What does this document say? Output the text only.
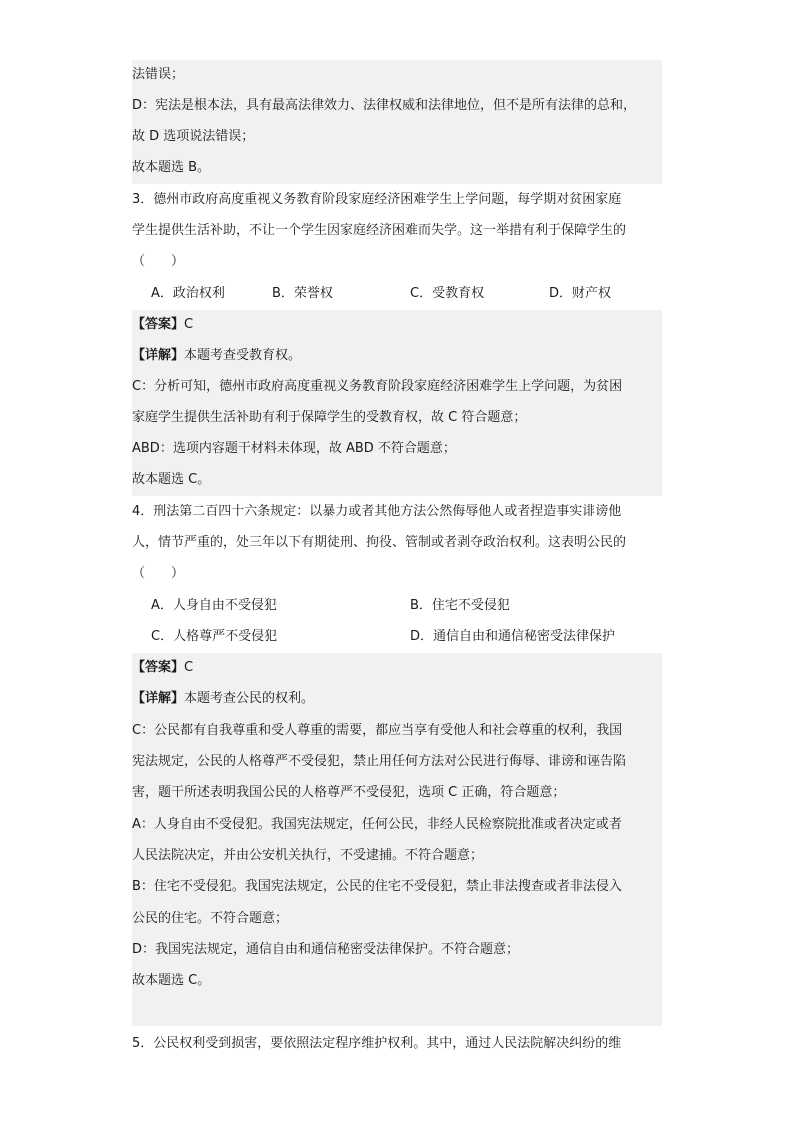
法错误；
D：宪法是根本法，具有最高法律效力、法律权威和法律地位，但不是所有法律的总和，
故 D 选项说法错误；
故本题选 B。
3．德州市政府高度重视义务教育阶段家庭经济困难学生上学问题，每学期对贫困家庭
学生提供生活补助，不让一个学生因家庭经济困难而失学。这一举措有利于保障学生的
（　　）
A．政治权利	B．荣誉权	C．受教育权	D．财产权
【答案】C
【详解】本题考查受教育权。
C：分析可知，德州市政府高度重视义务教育阶段家庭经济困难学生上学问题，为贫困
家庭学生提供生活补助有利于保障学生的受教育权，故 C 符合题意；
ABD：选项内容题干材料未体现，故 ABD 不符合题意；
故本题选 C。
4．刑法第二百四十六条规定：以暴力或者其他方法公然侮辱他人或者捏造事实诽谤他
人，情节严重的，处三年以下有期徒刑、拘役、管制或者剥夺政治权利。这表明公民的
（　　）
A．人身自由不受侵犯	B．住宅不受侵犯
C．人格尊严不受侵犯	D．通信自由和通信秘密受法律保护
【答案】C
【详解】本题考查公民的权利。
C：公民都有自我尊重和受人尊重的需要，都应当享有受他人和社会尊重的权利，我国
宪法规定，公民的人格尊严不受侵犯，禁止用任何方法对公民进行侮辱、诽谤和诬告陷
害，题干所述表明我国公民的人格尊严不受侵犯，选项 C 正确，符合题意；
A：人身自由不受侵犯。我国宪法规定，任何公民，非经人民检察院批准或者决定或者
人民法院决定，并由公安机关执行，不受逮捕。不符合题意；
B：住宅不受侵犯。我国宪法规定，公民的住宅不受侵犯，禁止非法搜查或者非法侵入
公民的住宅。不符合题意；
D：我国宪法规定，通信自由和通信秘密受法律保护。不符合题意；
故本题选 C。
5．公民权利受到损害，要依照法定程序维护权利。其中，通过人民法院解决纠纷的维
